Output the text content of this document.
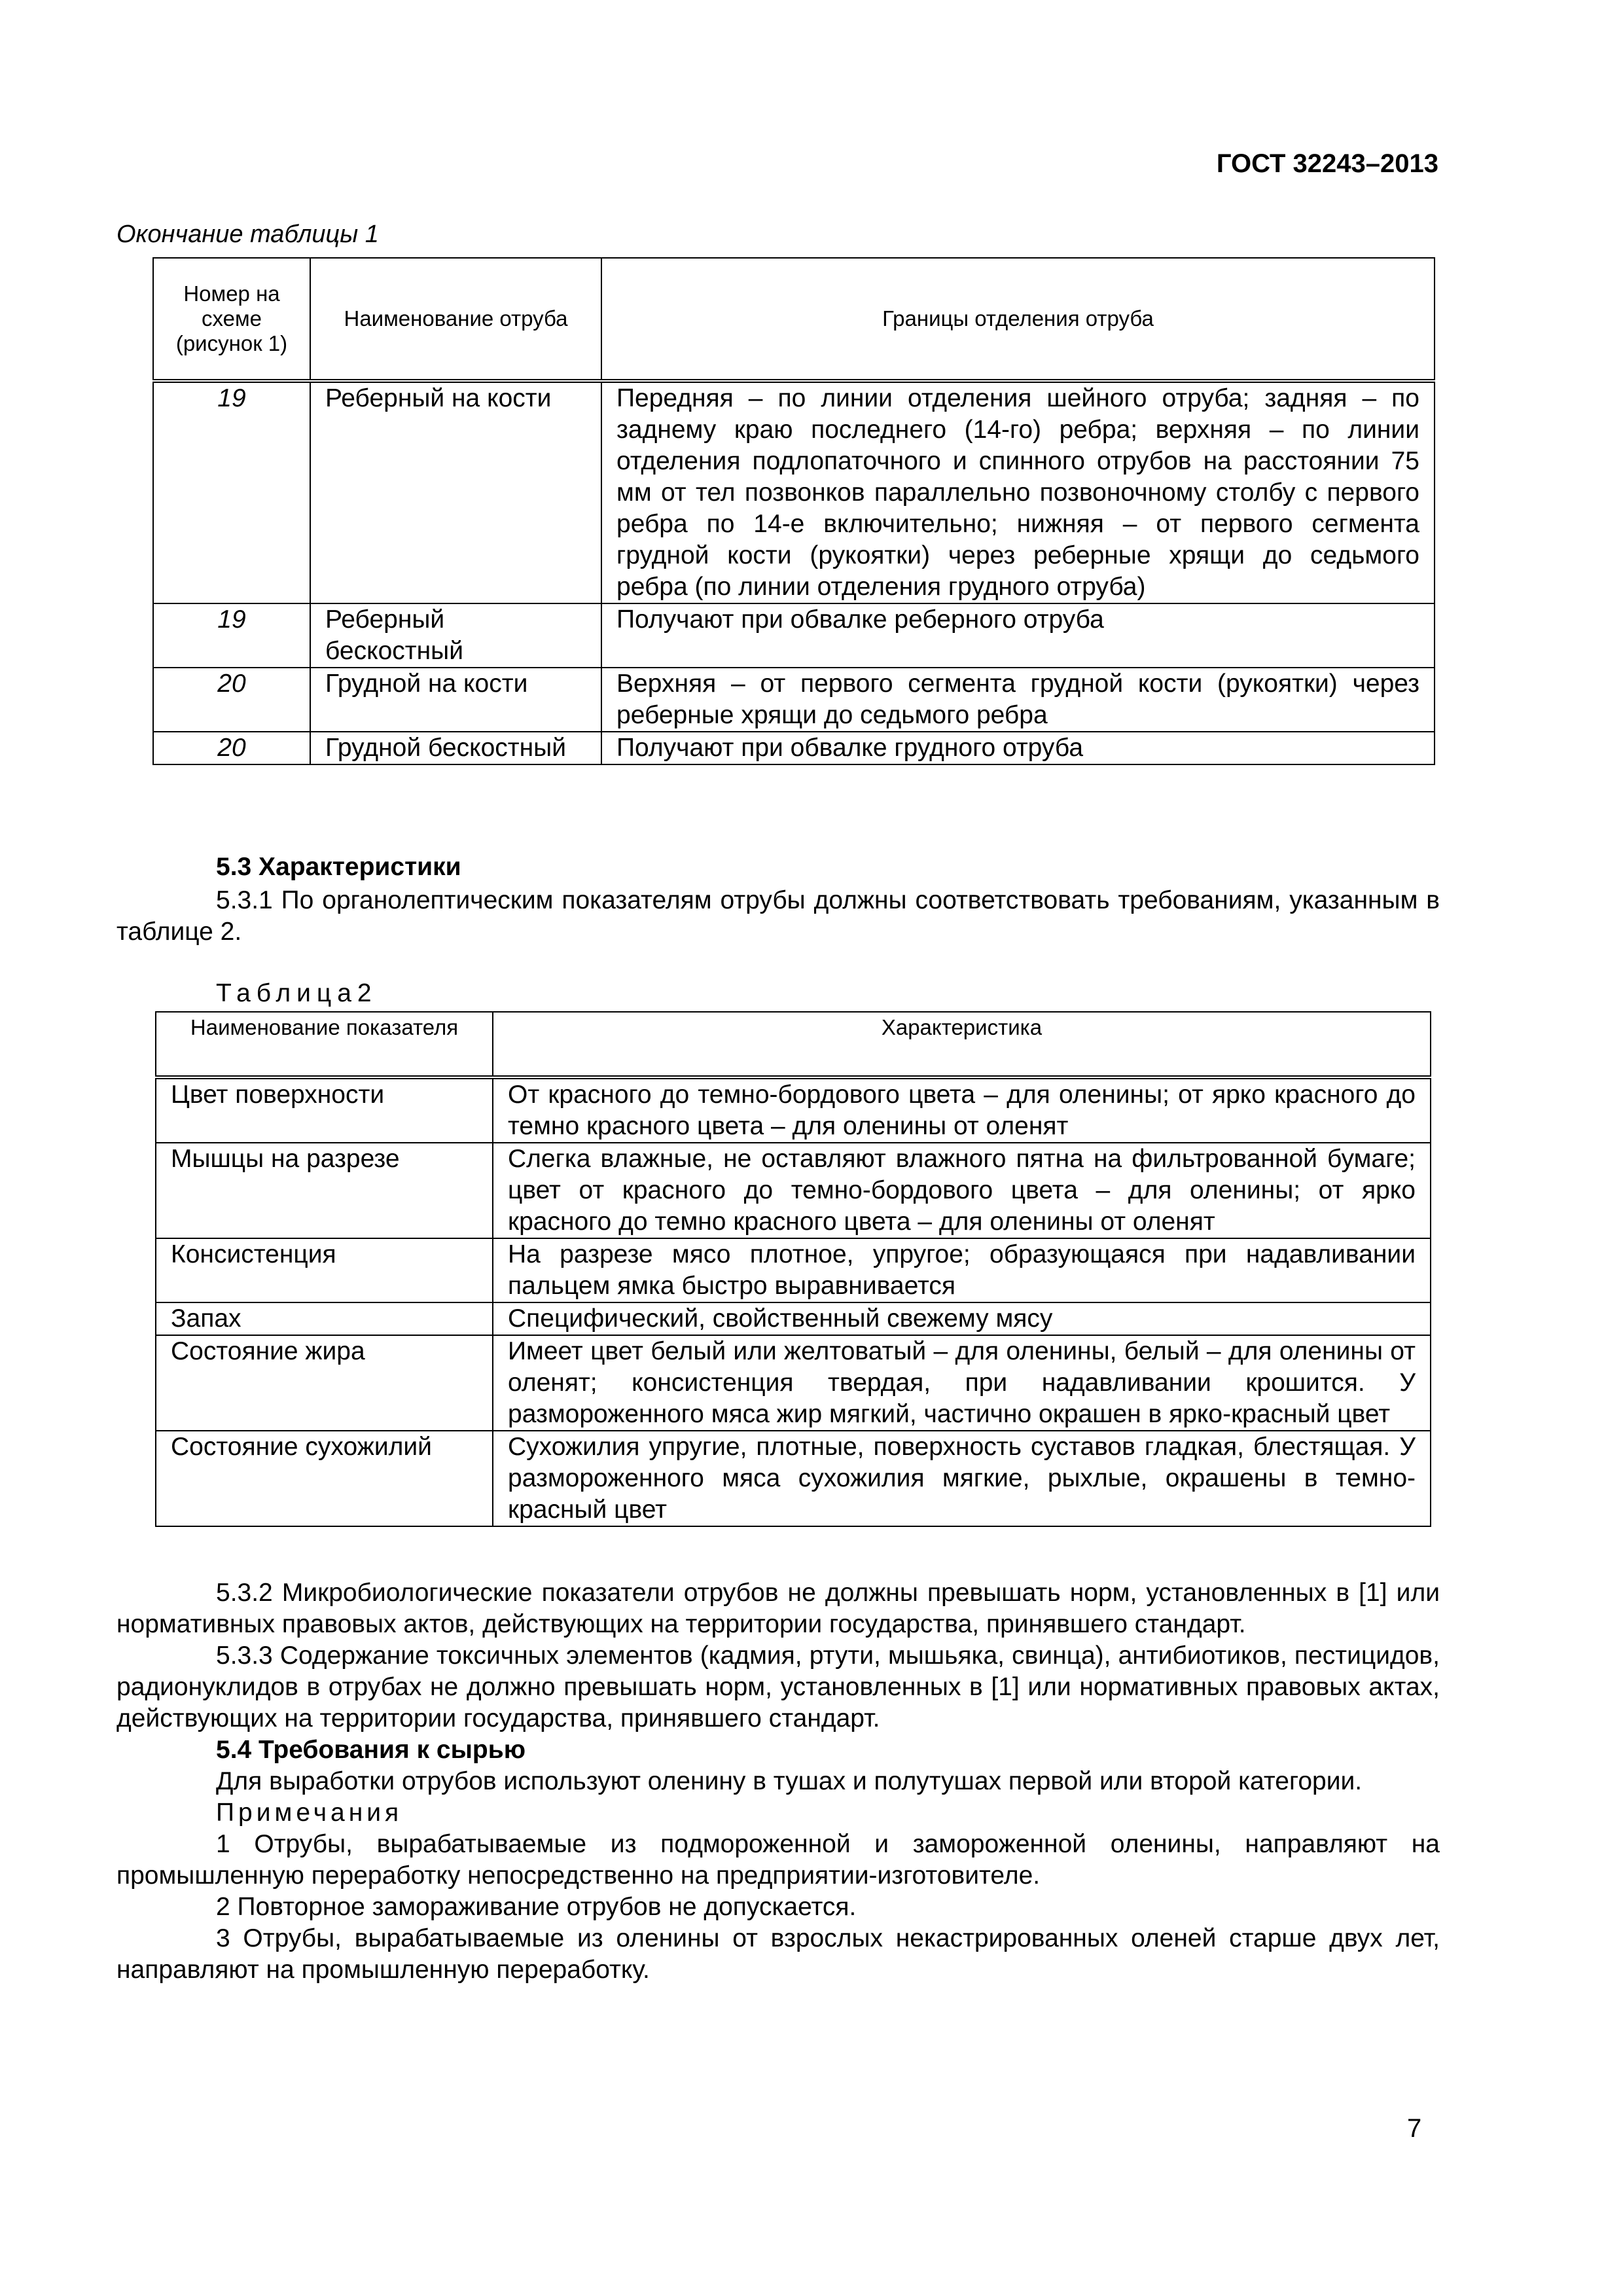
ГОСТ 32243–2013
Окончание таблицы 1
Номер на схеме (рисунок 1)	Наименование отруба	Границы отделения отруба
19	Реберный на кости	Передняя – по линии отделения шейного отруба; задняя – по заднему краю последнего (14-го) ребра; верхняя – по линии отделения подлопаточного и спинного отрубов на расстоянии 75 мм от тел позвонков параллельно позвоночному столбу с первого ребра по 14-е включительно; нижняя – от первого сегмента грудной кости (рукоятки) через реберные хрящи до седьмого ребра (по линии отделения грудного отруба)
19	Реберный бескостный	Получают при обвалке реберного отруба
20	Грудной на кости	Верхняя – от первого сегмента грудной кости (рукоятки) через реберные хрящи до седьмого ребра
20	Грудной бескостный	Получают при обвалке грудного отруба
5.3 Характеристики
5.3.1 По органолептическим показателям отрубы должны соответствовать требованиям, указанным в таблице 2.
Таблица2
Наименование показателя	Характеристика
Цвет поверхности	От красного до темно-бордового цвета – для оленины; от ярко красного до темно красного цвета – для оленины от оленят
Мышцы на разрезе	Слегка влажные, не оставляют влажного пятна на фильтрованной бумаге; цвет от красного до темно-бордового цвета – для оленины; от ярко красного до темно красного цвета – для оленины от оленят
Консистенция	На разрезе мясо плотное, упругое; образующаяся при надавливании пальцем ямка быстро выравнивается
Запах	Специфический, свойственный свежему мясу
Состояние жира	Имеет цвет белый или желтоватый – для оленины, белый – для оленины от оленят; консистенция твердая, при надавливании крошится. У размороженного мяса жир мягкий, частично окрашен в ярко-красный цвет
Состояние сухожилий	Сухожилия упругие, плотные, поверхность суставов гладкая, блестящая. У размороженного мяса сухожилия мягкие, рыхлые, окрашены в темно-красный цвет

5.3.2 Микробиологические показатели отрубов не должны превышать норм, установленных в [1] или нормативных правовых актов, действующих на территории государства, принявшего стандарт.

5.3.3 Содержание токсичных элементов (кадмия, ртути, мышьяка, свинца), антибиотиков, пестицидов, радионуклидов в отрубах не должно превышать норм, установленных в [1] или нормативных правовых актах, действующих на территории государства, принявшего стандарт.

5.4 Требования к сырью

Для выработки отрубов используют оленину в тушах и полутушах первой или второй категории.

Примечания

1 Отрубы, вырабатываемые из подмороженной и замороженной оленины, направляют на промышленную переработку непосредственно на предприятии-изготовителе.

2 Повторное замораживание отрубов не допускается.

3 Отрубы, вырабатываемые из оленины от взрослых некастрированных оленей старше двух лет, направляют на промышленную переработку.

7
